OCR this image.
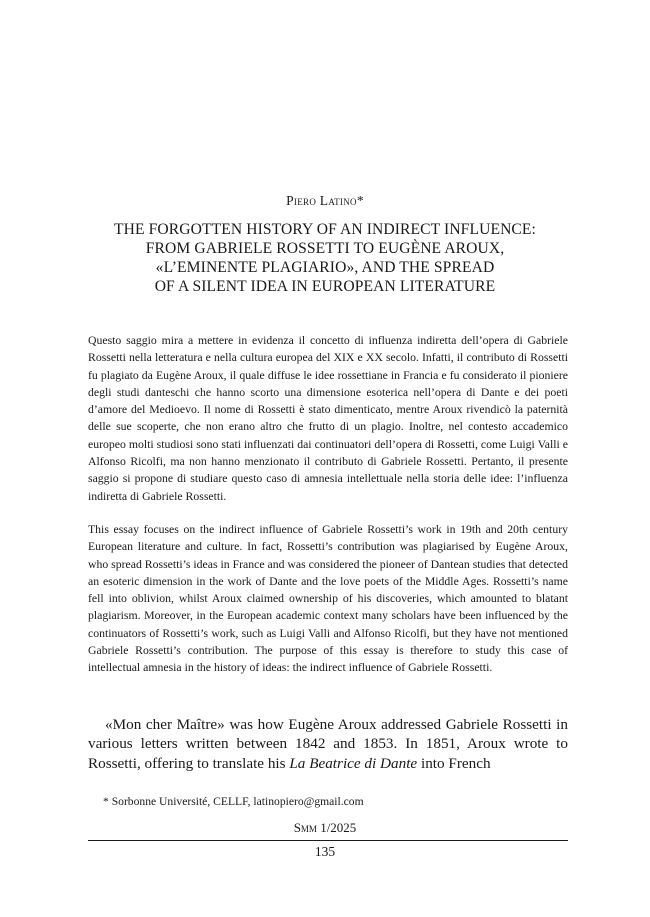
Piero Latino*
THE FORGOTTEN HISTORY OF AN INDIRECT INFLUENCE:
FROM GABRIELE ROSSETTI TO EUGÈNE AROUX,
«L’EMINENTE PLAGIARIO», AND THE SPREAD
OF A SILENT IDEA IN EUROPEAN LITERATURE

Questo saggio mira a mettere in evidenza il concetto di influenza indiretta dell’opera di Gabriele Rossetti nella letteratura e nella cultura europea del XIX e XX secolo. Infatti, il contributo di Rossetti fu plagiato da Eugène Aroux, il quale diffuse le idee rossettiane in Francia e fu considerato il pioniere degli studi danteschi che hanno scorto una dimensione esoterica nell’opera di Dante e dei poeti d’amore del Medioevo. Il nome di Rossetti è stato dimenticato, mentre Aroux rivendicò la paternità delle sue scoperte, che non erano altro che frutto di un plagio. Inoltre, nel contesto accademico europeo molti studiosi sono stati influenzati dai continuatori dell’opera di Rossetti, come Luigi Valli e Alfonso Ricolfi, ma non hanno menzionato il contributo di Gabriele Rossetti. Pertanto, il presente saggio si propone di studiare questo caso di amnesia intellettuale nella storia delle idee: l’influenza indiretta di Gabriele Rossetti.

This essay focuses on the indirect influence of Gabriele Rossetti’s work in 19th and 20th century European literature and culture. In fact, Rossetti’s contribution was plagiarised by Eugène Aroux, who spread Rossetti’s ideas in France and was considered the pioneer of Dantean studies that detected an esoteric dimension in the work of Dante and the love poets of the Middle Ages. Rossetti’s name fell into oblivion, whilst Aroux claimed ownership of his discoveries, which amounted to blatant plagiarism. Moreover, in the European academic context many scholars have been influenced by the continuators of Rossetti’s work, such as Luigi Valli and Alfonso Ricolfi, but they have not mentioned Gabriele Rossetti’s contribution. The purpose of this essay is therefore to study this case of intellectual amnesia in the history of ideas: the indirect influence of Gabriele Rossetti.

«Mon cher Maître» was how Eugène Aroux addressed Gabriele Rossetti in various letters written between 1842 and 1853. In 1851, Aroux wrote to Rossetti, offering to translate his La Beatrice di Dante into French

* Sorbonne Université, CELLF, latinopiero@gmail.com
Smm 1/2025
135
